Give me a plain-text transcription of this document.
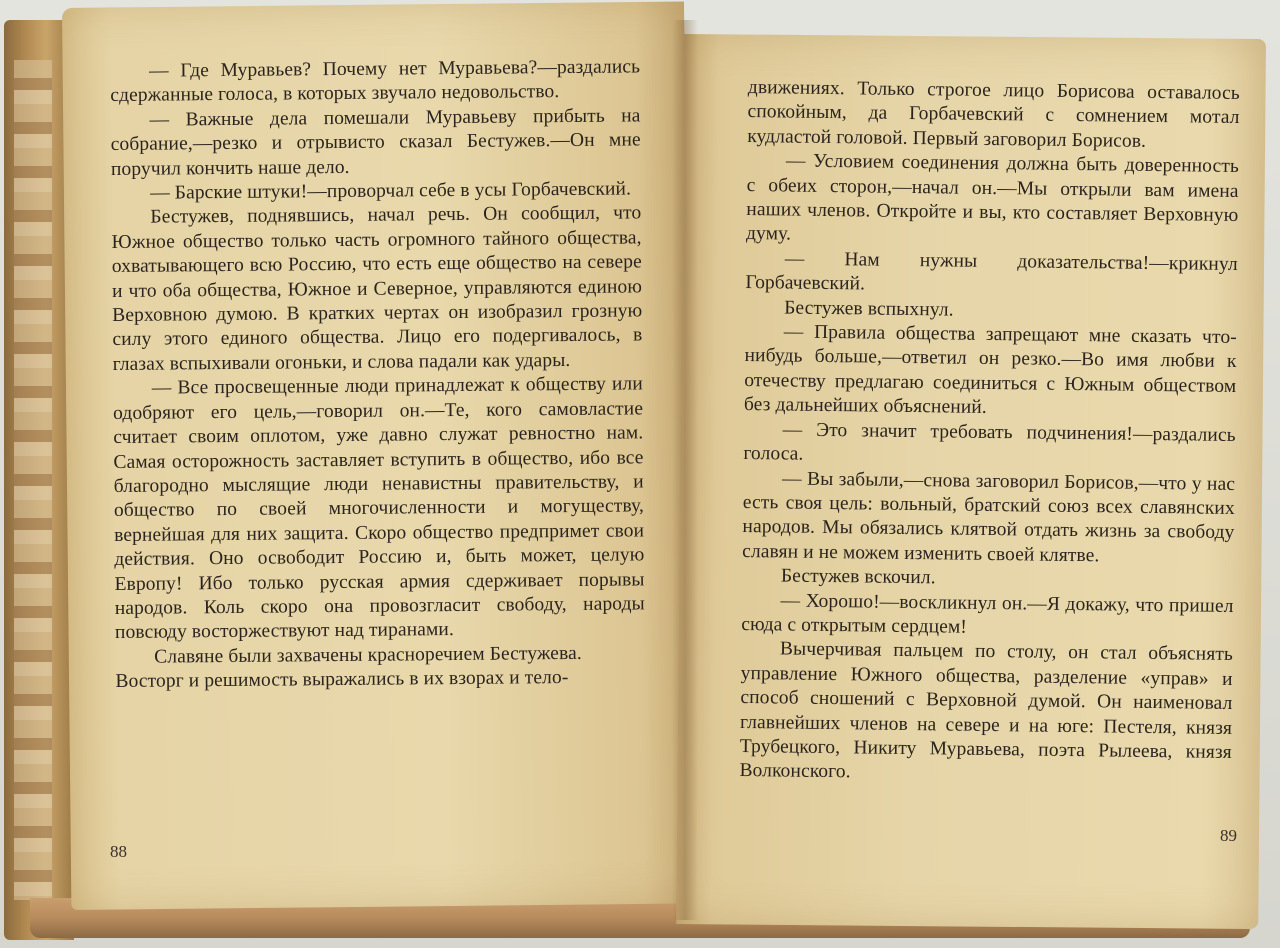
— Где Муравьев? Почему нет Муравьева?—раздались сдержанные голоса, в которых звучало недовольство.

— Важные дела помешали Муравьеву прибыть на собрание,—резко и отрывисто сказал Бестужев.—Он мне поручил кончить наше дело.

— Барские штуки!—проворчал себе в усы Горбачевский.

Бестужев, поднявшись, начал речь. Он сообщил, что Южное общество только часть огромного тайного общества, охватывающего всю Россию, что есть еще общество на севере и что оба общества, Южное и Северное, управляются единою Верховною думою. В кратких чертах он изобразил грозную силу этого единого общества. Лицо его подергивалось, в глазах вспыхивали огоньки, и слова падали как удары.

— Все просвещенные люди принадлежат к обществу или одобряют его цель,—говорил он.—Те, кого самовластие считает своим оплотом, уже давно служат ревностно нам. Самая осторожность заставляет вступить в общество, ибо все благородно мыслящие люди ненавистны правительству, и общество по своей многочисленности и могуществу, вернейшая для них защита. Скоро общество предпримет свои действия. Оно освободит Россию и, быть может, целую Европу! Ибо только русская армия сдерживает порывы народов. Коль скоро она провозгласит свободу, народы повсюду восторжествуют над тиранами.

Славяне были захвачены красноречием Бестужева. Восторг и решимость выражались в их взорах и тело-

88

движениях. Только строгое лицо Борисова оставалось спокойным, да Горбачевский с сомнением мотал кудластой головой. Первый заговорил Борисов.

— Условием соединения должна быть доверенность с обеих сторон,—начал он.—Мы открыли вам имена наших членов. Откройте и вы, кто составляет Верховную думу.

— Нам нужны доказательства!—крикнул Горбачевский.

Бестужев вспыхнул.

— Правила общества запрещают мне сказать что-нибудь больше,—ответил он резко.—Во имя любви к отечеству предлагаю соединиться с Южным обществом без дальнейших объяснений.

— Это значит требовать подчинения!—раздались голоса.

— Вы забыли,—снова заговорил Борисов,—что у нас есть своя цель: вольный, братский союз всех славянских народов. Мы обязались клятвой отдать жизнь за свободу славян и не можем изменить своей клятве.

Бестужев вскочил.

— Хорошо!—воскликнул он.—Я докажу, что пришел сюда с открытым сердцем!

Вычерчивая пальцем по столу, он стал объяснять управление Южного общества, разделение «управ» и способ сношений с Верховной думой. Он наименовал главнейших членов на севере и на юге: Пестеля, князя Трубецкого, Никиту Муравьева, поэта Рылеева, князя Волконского.

89
